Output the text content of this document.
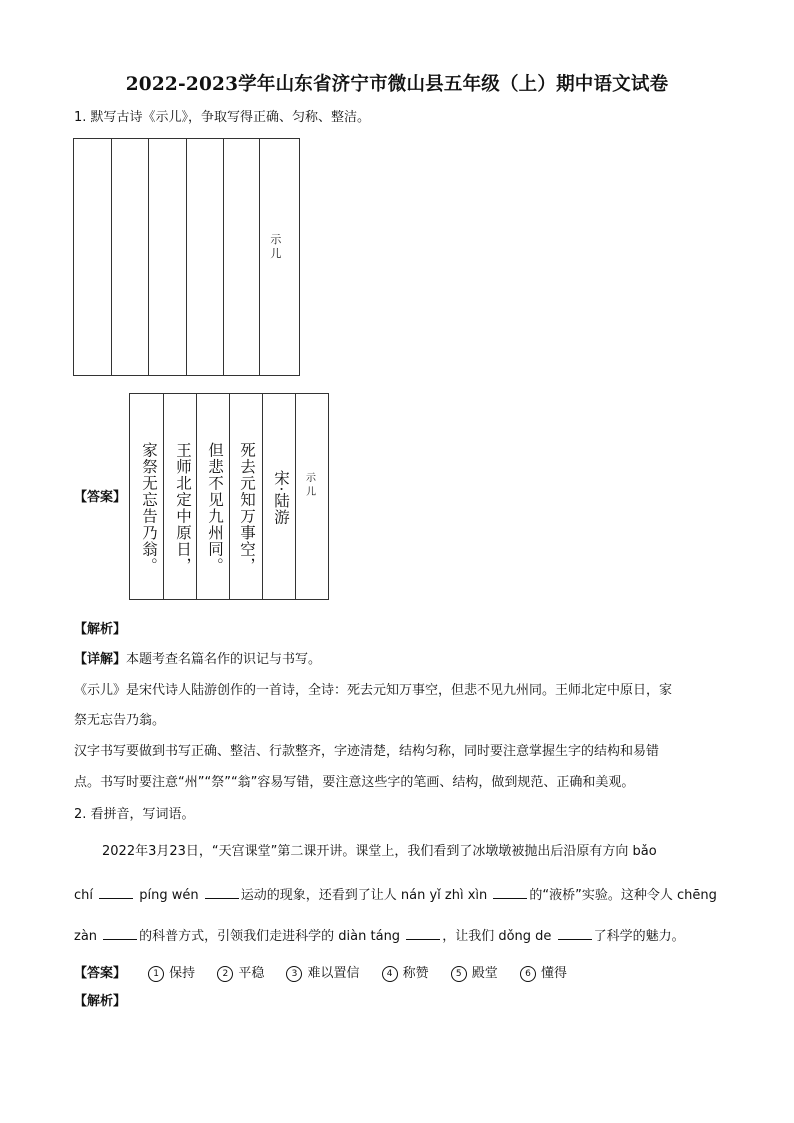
2022-2023学年山东省济宁市微山县五年级（上）期中语文试卷
1. 默写古诗《示儿》，争取写得正确、匀称、整洁。
示儿
【答案】 家祭无忘告乃翁。 王师北定中原日， 但悲不见九州同。 死去元知万事空， 宋·陆游 示儿
【解析】
【详解】本题考查名篇名作的识记与书写。
《示儿》是宋代诗人陆游创作的一首诗，全诗：死去元知万事空，但悲不见九州同。王师北定中原日，家
祭无忘告乃翁。
汉字书写要做到书写正确、整洁、行款整齐，字迹清楚，结构匀称，同时要注意掌握生字的结构和易错
点。书写时要注意“州”“祭”“翁”容易写错，要注意这些字的笔画、结构，做到规范、正确和美观。
2. 看拼音，写词语。
2022年3月23日，“天宫课堂”第二课开讲。课堂上，我们看到了冰墩墩被抛出后沿原有方向 bǎo
chí	píng wén	运动的现象，还看到了让人 nán yǐ zhì xìn	的“液桥”实验。这种令人 chēng
zàn	的科普方式，引领我们走进科学的 diàn táng	，让我们 dǒng de	了科学的魅力。
【答案】	1 保持	2 平稳	3 难以置信	4 称赞	5 殿堂	6 懂得
【解析】
